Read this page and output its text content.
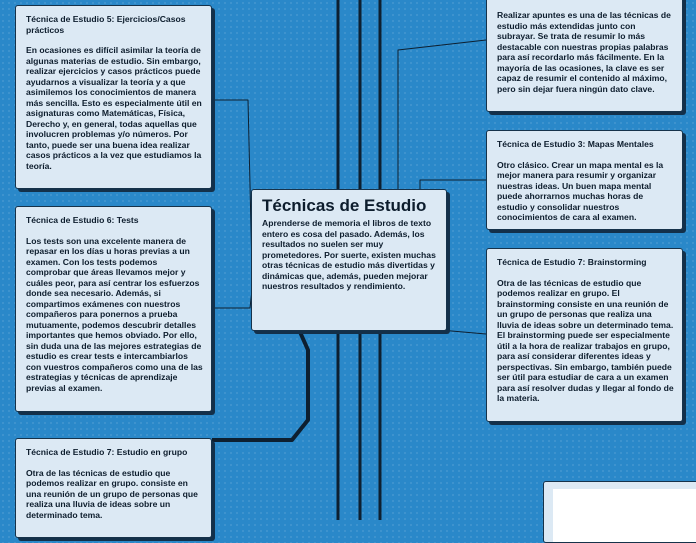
Técnica de Estudio 5: Ejercicios/Casos prácticos
En ocasiones es difícil asimilar la teoría de algunas materias de estudio. Sin embargo, realizar ejercicios y casos prácticos puede ayudarnos a visualizar la teoría y a que asimilemos los conocimientos de manera más sencilla. Esto es especialmente útil en asignaturas como Matemáticas, Física, Derecho y, en general, todas aquellas que involucren problemas y/o números. Por tanto, puede ser una buena idea realizar casos prácticos a la vez que estudiamos la teoría.
Técnica de Estudio 6: Tests
Los tests son una excelente manera de repasar en los días u horas previas a un examen. Con los tests podemos comprobar que áreas llevamos mejor y cuáles peor, para así centrar los esfuerzos donde sea necesario. Además, si compartimos exámenes con nuestros compañeros para ponernos a prueba mutuamente, podemos descubrir detalles importantes que hemos obviado. Por ello, sin duda una de las mejores estrategias de estudio es crear tests e intercambiarlos con vuestros compañeros como una de las estrategias y técnicas de aprendizaje previas al examen.
Técnica de Estudio 7: Estudio en grupo
Otra de las técnicas de estudio que podemos realizar en grupo. consiste en una reunión de un grupo de personas que realiza una lluvia de ideas sobre un determinado tema.
Técnicas de Estudio
Aprenderse de memoria el libros de texto entero es cosa del pasado. Además, los resultados no suelen ser muy prometedores. Por suerte, existen muchas otras técnicas de estudio más divertidas y dinámicas que, además, pueden mejorar nuestros resultados y rendimiento.
Realizar apuntes es una de las técnicas de estudio más extendidas junto con subrayar. Se trata de resumir lo más destacable con nuestras propias palabras para así recordarlo más fácilmente. En la mayoría de las ocasiones, la clave es ser capaz de resumir el contenido al máximo, pero sin dejar fuera ningún dato clave.
Técnica de Estudio 3: Mapas Mentales
Otro clásico. Crear un mapa mental es la mejor manera para resumir y organizar nuestras ideas. Un buen mapa mental puede ahorrarnos muchas horas de estudio y consolidar nuestros conocimientos de cara al examen.
Técnica de Estudio 7: Brainstorming
Otra de las técnicas de estudio que podemos realizar en grupo. El brainstorming consiste en una reunión de un grupo de personas que realiza una lluvia de ideas sobre un determinado tema. El brainstorming puede ser especialmente útil a la hora de realizar trabajos en grupo, para así considerar diferentes ideas y perspectivas. Sin embargo, también puede ser útil para estudiar de cara a un examen para así resolver dudas y llegar al fondo de la materia.
